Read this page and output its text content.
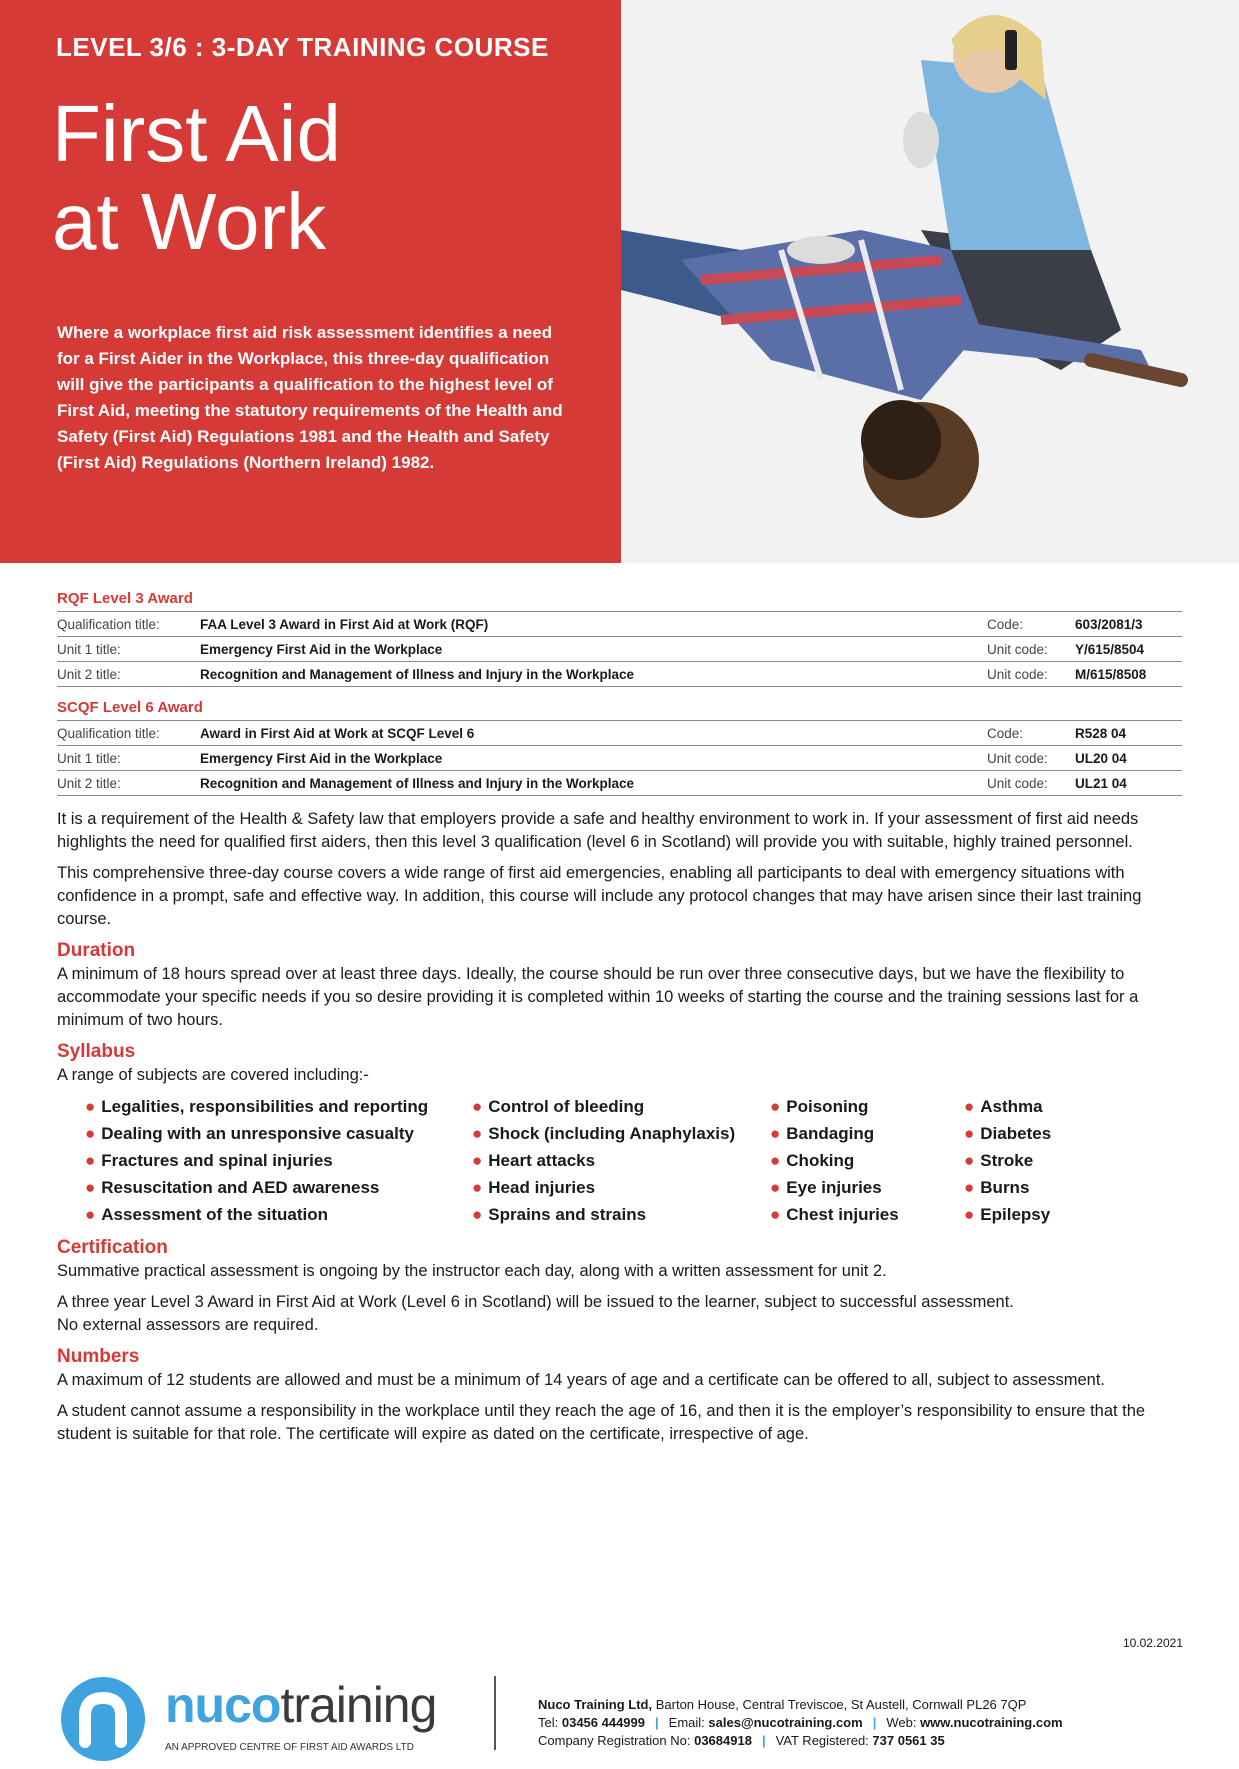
LEVEL 3/6 : 3-DAY TRAINING COURSE
First Aid
at Work
Where a workplace first aid risk assessment identifies a need for a First Aider in the Workplace, this three-day qualification will give the participants a qualification to the highest level of First Aid, meeting the statutory requirements of the Health and Safety (First Aid) Regulations 1981 and the Health and Safety (First Aid) Regulations (Northern Ireland) 1982.
RQF Level 3 Award
Qualification title:	FAA Level 3 Award in First Aid at Work (RQF)	Code:	603/2081/3
Unit 1 title:	Emergency First Aid in the Workplace	Unit code:	Y/615/8504
Unit 2 title:	Recognition and Management of Illness and Injury in the Workplace	Unit code:	M/615/8508
SCQF Level 6 Award
Qualification title:	Award in First Aid at Work at SCQF Level 6	Code:	R528 04
Unit 1 title:	Emergency First Aid in the Workplace	Unit code:	UL20 04
Unit 2 title:	Recognition and Management of Illness and Injury in the Workplace	Unit code:	UL21 04

It is a requirement of the Health & Safety law that employers provide a safe and healthy environment to work in. If your assessment of first aid needs highlights the need for qualified first aiders, then this level 3 qualification (level 6 in Scotland) will provide you with suitable, highly trained personnel.

This comprehensive three-day course covers a wide range of first aid emergencies, enabling all participants to deal with emergency situations with confidence in a prompt, safe and effective way. In addition, this course will include any protocol changes that may have arisen since their last training course.

Duration

A minimum of 18 hours spread over at least three days. Ideally, the course should be run over three consecutive days, but we have the flexibility to accommodate your specific needs if you so desire providing it is completed within 10 weeks of starting the course and the training sessions last for a minimum of two hours.

Syllabus

A range of subjects are covered including:-

● Legalities, responsibilities and reporting
● Dealing with an unresponsive casualty
● Fractures and spinal injuries
● Resuscitation and AED awareness
● Assessment of the situation
● Control of bleeding
● Shock (including Anaphylaxis)
● Heart attacks
● Head injuries
● Sprains and strains
● Poisoning
● Bandaging
● Choking
● Eye injuries
● Chest injuries
● Asthma
● Diabetes
● Stroke
● Burns
● Epilepsy
Certification

Summative practical assessment is ongoing by the instructor each day, along with a written assessment for unit 2.

A three year Level 3 Award in First Aid at Work (Level 6 in Scotland) will be issued to the learner, subject to successful assessment.
No external assessors are required.

Numbers

A maximum of 12 students are allowed and must be a minimum of 14 years of age and a certificate can be offered to all, subject to assessment.

A student cannot assume a responsibility in the workplace until they reach the age of 16, and then it is the employer’s responsibility to ensure that the student is suitable for that role. The certificate will expire as dated on the certificate, irrespective of age.

10.02.2021
nucotraining
AN APPROVED CENTRE OF FIRST AID AWARDS LTD
Nuco Training Ltd, Barton House, Central Treviscoe, St Austell, Cornwall PL26 7QP
Tel: 03456 444999 | Email: sales@nucotraining.com | Web: www.nucotraining.com
Company Registration No: 03684918 | VAT Registered: 737 0561 35
